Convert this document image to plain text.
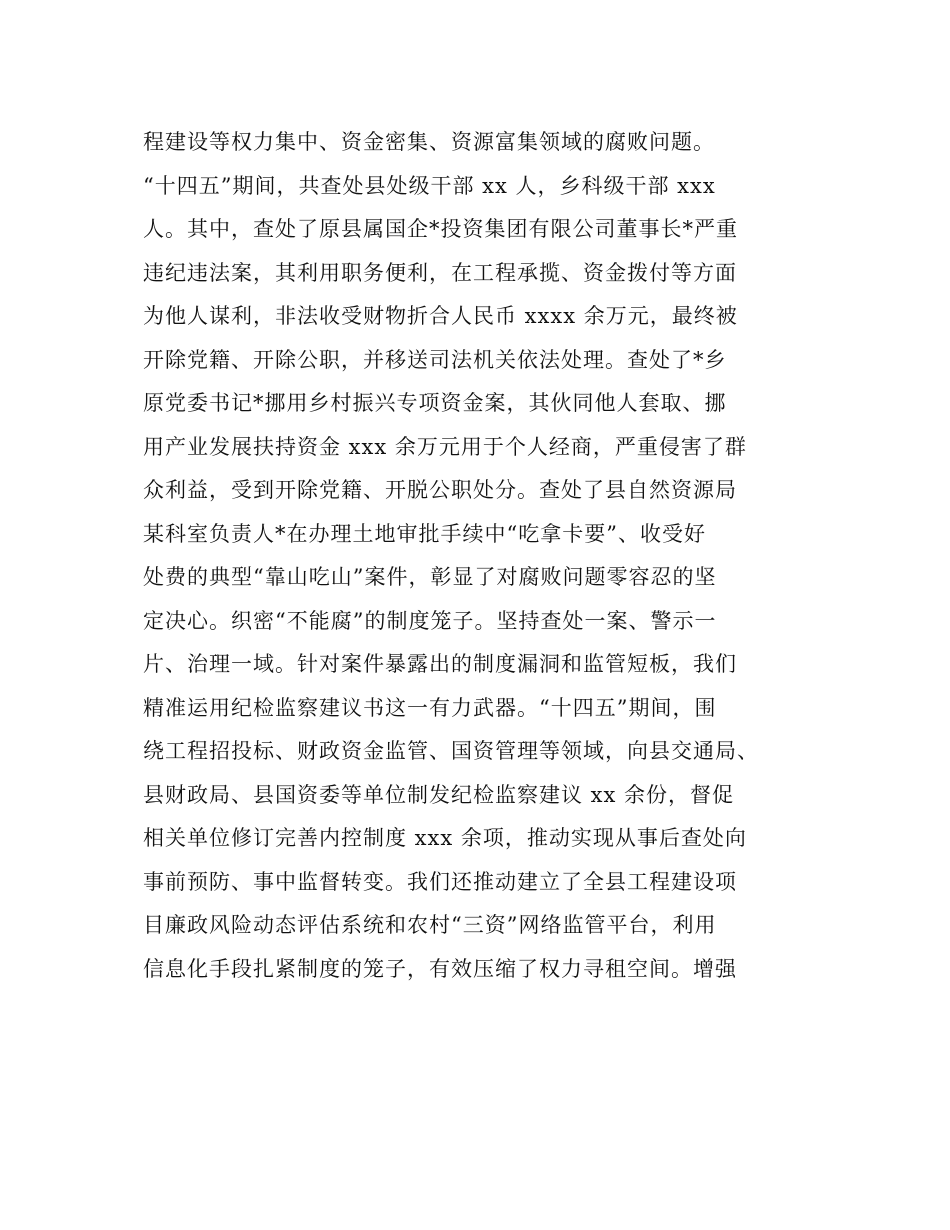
程建设等权力集中、资金密集、资源富集领域的腐败问题。
“十四五”期间，共查处县处级干部 xx 人，乡科级干部 xxx
人。其中，查处了原县属国企*投资集团有限公司董事长*严重
违纪违法案，其利用职务便利，在工程承揽、资金拨付等方面
为他人谋利，非法收受财物折合人民币 xxxx 余万元，最终被
开除党籍、开除公职，并移送司法机关依法处理。查处了*乡
原党委书记*挪用乡村振兴专项资金案，其伙同他人套取、挪
用产业发展扶持资金 xxx 余万元用于个人经商，严重侵害了群
众利益，受到开除党籍、开脱公职处分。查处了县自然资源局
某科室负责人*在办理土地审批手续中“吃拿卡要”、收受好
处费的典型“靠山吃山”案件，彰显了对腐败问题零容忍的坚
定决心。织密“不能腐”的制度笼子。坚持查处一案、警示一
片、治理一域。针对案件暴露出的制度漏洞和监管短板，我们
精准运用纪检监察建议书这一有力武器。“十四五”期间，围
绕工程招投标、财政资金监管、国资管理等领域，向县交通局、
县财政局、县国资委等单位制发纪检监察建议 xx 余份，督促
相关单位修订完善内控制度 xxx 余项，推动实现从事后查处向
事前预防、事中监督转变。我们还推动建立了全县工程建设项
目廉政风险动态评估系统和农村“三资”网络监管平台，利用
信息化手段扎紧制度的笼子，有效压缩了权力寻租空间。增强
